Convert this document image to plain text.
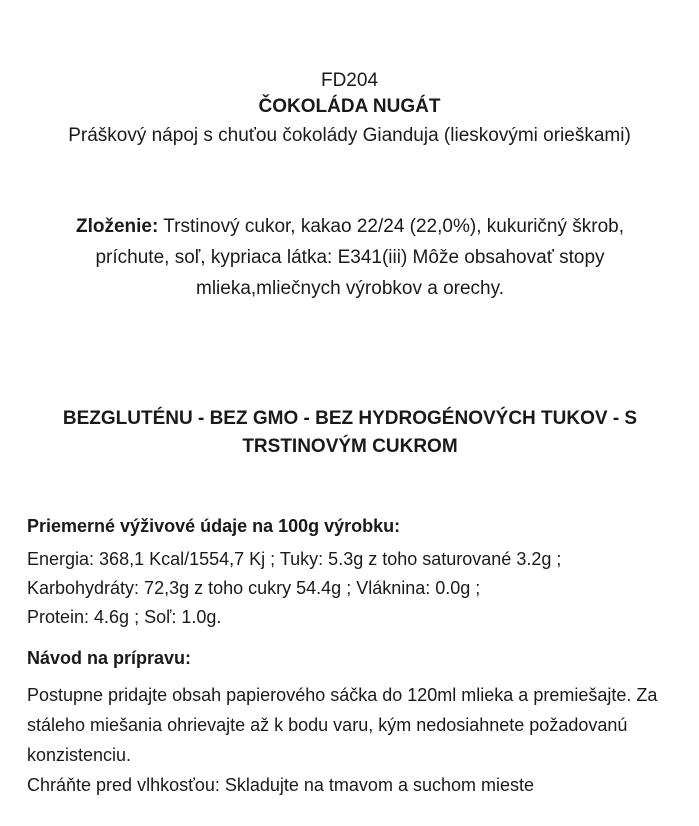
FD204
ČOKOLÁDA NUGÁT
Práškový nápoj s chuťou čokolády Gianduja (lieskovými orieškami)
Zloženie: Trstinový cukor, kakao 22/24 (22,0%), kukuričný škrob, príchute, soľ, kypriaca látka: E341(iii) Môže obsahovať stopy mlieka,mliečnych výrobkov a orechy.
BEZGLUTÉNU - BEZ GMO - BEZ HYDROGÉNOVÝCH TUKOV - S TRSTINOVÝM CUKROM
Priemerné výživové údaje na 100g výrobku:
Energia: 368,1 Kcal/1554,7 Kj ; Tuky: 5.3g z toho saturované 3.2g ;
Karbohydráty: 72,3g z toho cukry 54.4g ; Vláknina: 0.0g ;
Protein: 4.6g ; Soľ: 1.0g.
Návod na prípravu:
Postupne pridajte obsah papierového sáčka do 120ml mlieka a premiešajte. Za stáleho miešania ohrievajte až k bodu varu, kým nedosiahnete požadovanú konzistenciu.
Chráňte pred vlhkosťou: Skladujte na tmavom a suchom mieste
